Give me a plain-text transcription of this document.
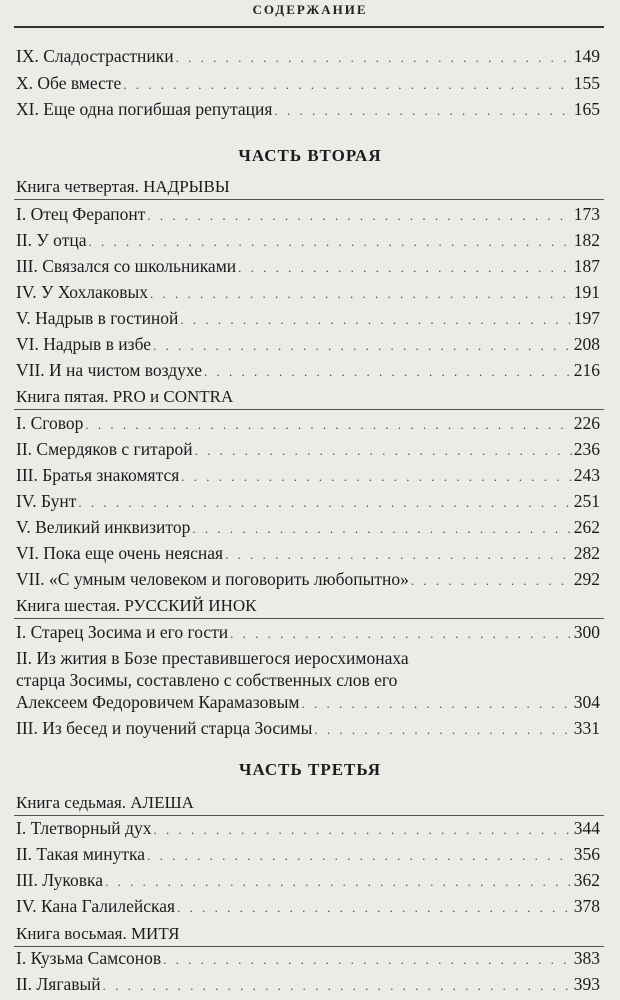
СОДЕРЖАНИЕ
IX. Сладострастники . . .	149
X. Обе вместе . . .	155
XI. Еще одна погибшая репутация . . .	165
ЧАСТЬ ВТОРАЯ
Книга четвертая. НАДРЫВЫ
I. Отец Ферапонт . . .	173
II. У отца . . .	182
III. Связался со школьниками . . .	187
IV. У Хохлаковых . . .	191
V. Надрыв в гостиной . . .	197
VI. Надрыв в избе . . .	208
VII. И на чистом воздухе . . .	216
Книга пятая. PRO и CONTRA
I. Сговор . . .	226
II. Смердяков с гитарой . . .	236
III. Братья знакомятся . . .	243
IV. Бунт . . .	251
V. Великий инквизитор . . .	262
VI. Пока еще очень неясная . . .	282
VII. «С умным человеком и поговорить любопытно» . . .	292
Книга шестая. РУССКИЙ ИНОК
I. Старец Зосима и его гости . . .	300
II. Из жития в Бозе преставившегося иеросхимонаха
старца Зосимы, составлено с собственных слов его
Алексеем Федоровичем Карамазовым . . .	304
III. Из бесед и поучений старца Зосимы . . .	331
ЧАСТЬ ТРЕТЬЯ
Книга седьмая. АЛЕША
I. Тлетворный дух . . .	344
II. Такая минутка . . .	356
III. Луковка . . .	362
IV. Кана Галилейская . . .	378
Книга восьмая. МИТЯ
I. Кузьма Самсонов . . .	383
II. Лягавый . . .	393
